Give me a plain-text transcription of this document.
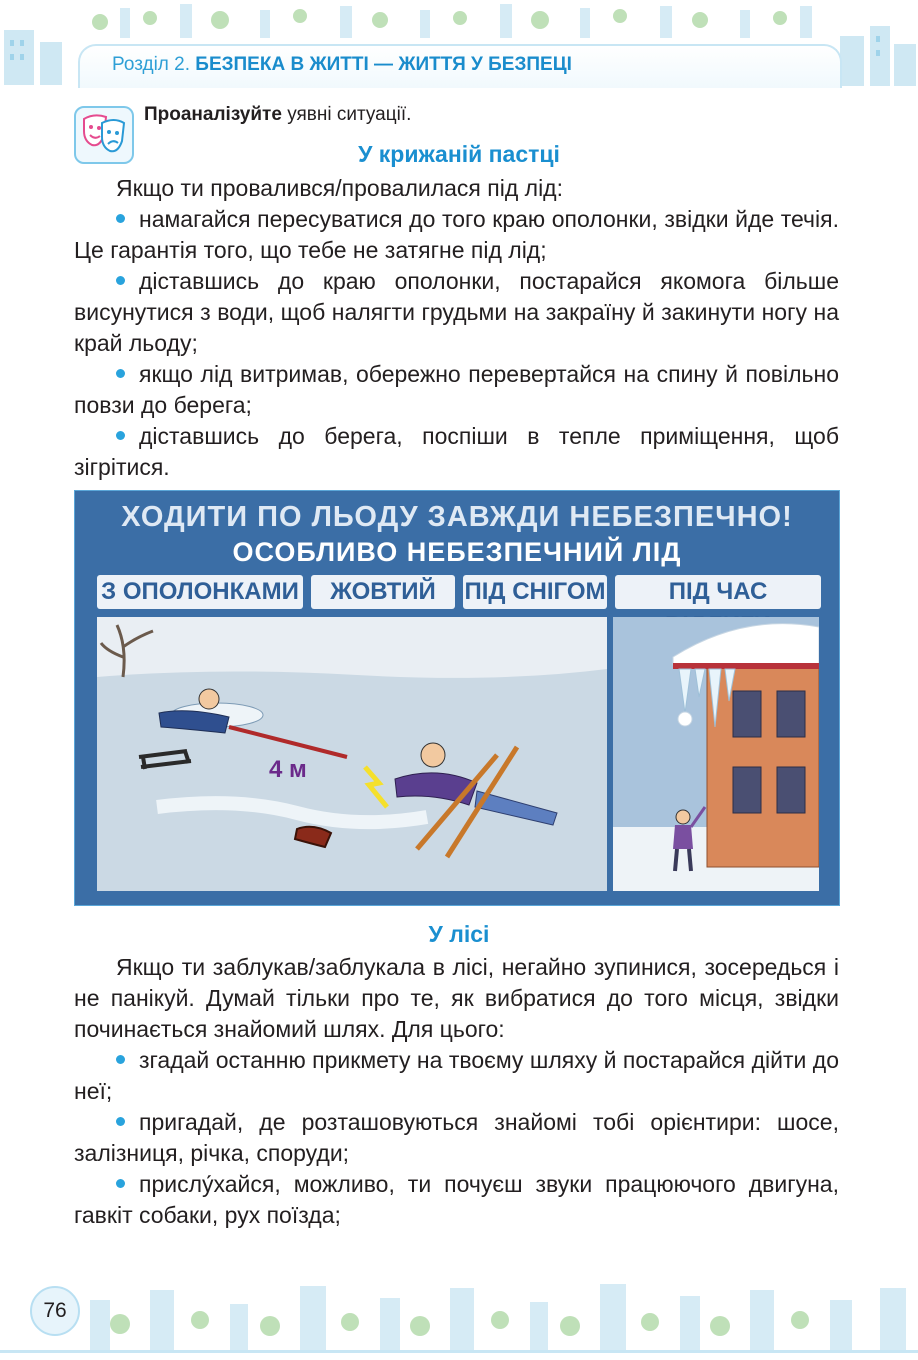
Розділ 2. БЕЗПЕКА В ЖИТТІ — ЖИТТЯ У БЕЗПЕЦІ
Проаналізуйте уявні ситуації.
У крижаній пастці

Якщо ти провалився/провалилася під лід:

намагайся пересуватися до того краю ополонки, звідки йде течія. Це гарантія того, що тебе не затягне під лід;

діставшись до краю ополонки, постарайся якомога більше висунутися з води, щоб налягти грудьми на закраїну й закинути ногу на край льоду;

якщо лід витримав, обережно перевертайся на спину й повільно повзи до берега;

діставшись до берега, поспіши в тепле приміщення, щоб зігрітися.

ХОДИТИ ПО ЛЬОДУ ЗАВЖДИ НЕБЕЗПЕЧНО!
ОСОБЛИВО НЕБЕЗПЕЧНИЙ ЛІД
З ОПОЛОНКАМИ	ЖОВТИЙ	ПІД СНІГОМ	ПІД ЧАС
4 м
У лісі

Якщо ти заблукав/заблукала в лісі, негайно зупинися, зосередься і не панікуй. Думай тільки про те, як вибратися до того місця, звідки починається знайомий шлях. Для цього:

згадай останню прикмету на твоєму шляху й постарайся дійти до неї;

пригадай, де розташовуються знайомі тобі орієнтири: шосе, залізниця, річка, споруди;

прислу́хайся, можливо, ти почуєш звуки працюючого двигуна, гавкіт собаки, рух поїзда;

76
